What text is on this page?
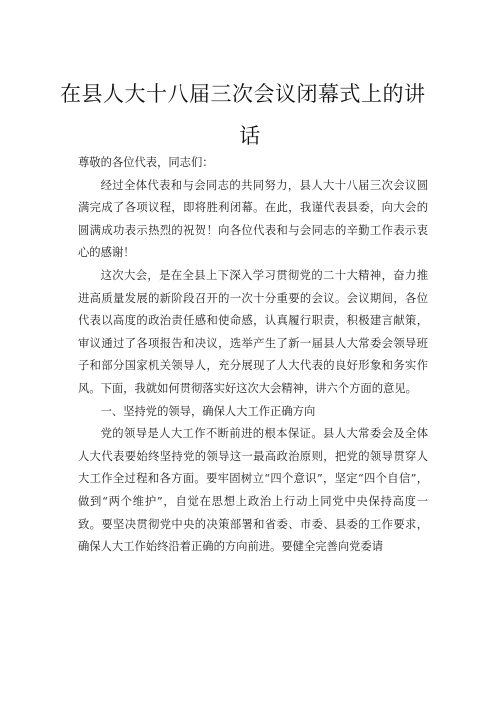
在县人大十八届三次会议闭幕式上的讲
话

尊敬的各位代表，同志们：

经过全体代表和与会同志的共同努力，县人大十八届三次会议圆满完成了各项议程，即将胜利闭幕。在此，我谨代表县委，向大会的圆满成功表示热烈的祝贺！向各位代表和与会同志的辛勤工作表示衷心的感谢！

这次大会，是在全县上下深入学习贯彻党的二十大精神，奋力推进高质量发展的新阶段召开的一次十分重要的会议。会议期间，各位代表以高度的政治责任感和使命感，认真履行职责，积极建言献策，审议通过了各项报告和决议，选举产生了新一届县人大常委会领导班子和部分国家机关领导人，充分展现了人大代表的良好形象和务实作风。下面，我就如何贯彻落实好这次大会精神，讲六个方面的意见。

一、坚持党的领导，确保人大工作正确方向

党的领导是人大工作不断前进的根本保证。县人大常委会及全体人大代表要始终坚持党的领导这一最高政治原则，把党的领导贯穿人大工作全过程和各方面。要牢固树立“四个意识”，坚定“四个自信”，做到“两个维护”，自觉在思想上政治上行动上同党中央保持高度一致。要坚决贯彻党中央的决策部署和省委、市委、县委的工作要求，确保人大工作始终沿着正确的方向前进。要健全完善向党委请
